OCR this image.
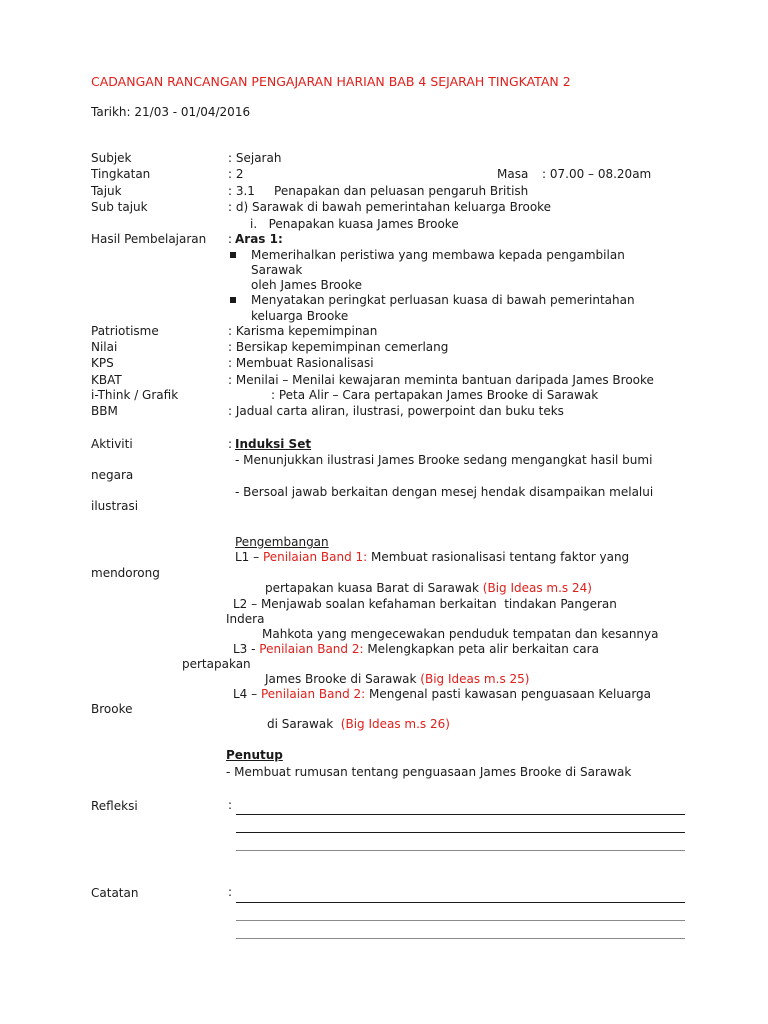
CADANGAN RANCANGAN PENGAJARAN HARIAN BAB 4 SEJARAH TINGKATAN 2
Tarikh: 21/03 - 01/04/2016
Subjek	: Sejarah
Tingkatan	: 2	Masa : 07.00 – 08.20am
Tajuk	: 3.1     Penapakan dan peluasan pengaruh British
Sub tajuk	: d) Sarawak di bawah pemerintahan keluarga Brooke
i.   Penapakan kuasa James Brooke
Hasil Pembelajaran : Aras 1:
Memerihalkan peristiwa yang membawa kepada pengambilan
Sarawak
oleh James Brooke
Menyatakan peringkat perluasan kuasa di bawah pemerintahan
keluarga Brooke
Patriotisme	: Karisma kepemimpinan
Nilai	: Bersikap kepemimpinan cemerlang
KPS	: Membuat Rasionalisasi
KBAT	: Menilai – Menilai kewajaran meminta bantuan daripada James Brooke
i-Think / Grafik	: Peta Alir – Cara pertapakan James Brooke di Sarawak
BBM	: Jadual carta aliran, ilustrasi, powerpoint dan buku teks
Aktiviti	: Induksi Set
- Menunjukkan ilustrasi James Brooke sedang mengangkat hasil bumi
negara
- Bersoal jawab berkaitan dengan mesej hendak disampaikan melalui
ilustrasi
Pengembangan
L1 – Penilaian Band 1: Membuat rasionalisasi tentang faktor yang
mendorong
pertapakan kuasa Barat di Sarawak (Big Ideas m.s 24)
L2 – Menjawab soalan kefahaman berkaitan  tindakan Pangeran
Indera
Mahkota yang mengecewakan penduduk tempatan dan kesannya
L3 - Penilaian Band 2: Melengkapkan peta alir berkaitan cara
pertapakan
James Brooke di Sarawak (Big Ideas m.s 25)
L4 – Penilaian Band 2: Mengenal pasti kawasan penguasaan Keluarga
Brooke
di Sarawak  (Big Ideas m.s 26)
Penutup
- Membuat rumusan tentang penguasaan James Brooke di Sarawak
Refleksi	:
Catatan	:
